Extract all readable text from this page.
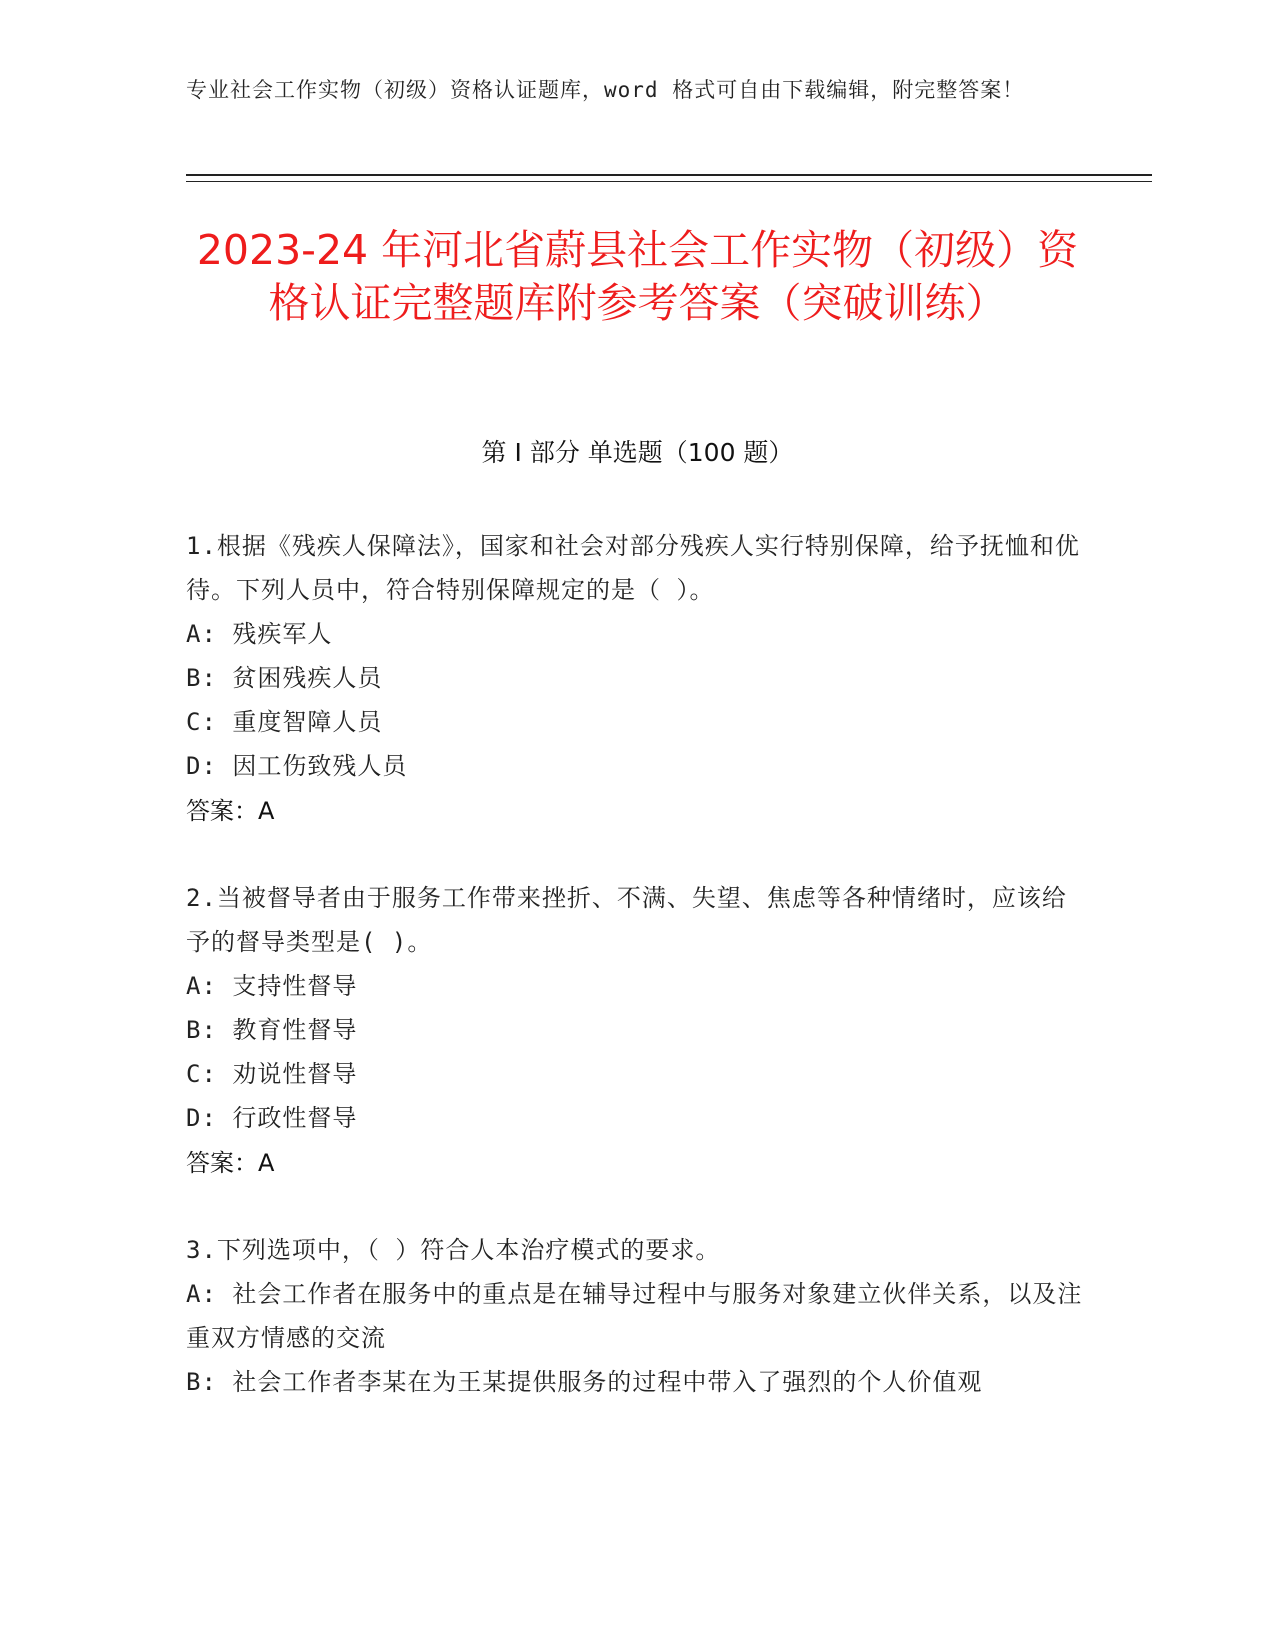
专业社会工作实物（初级）资格认证题库，word 格式可自由下载编辑，附完整答案！
2023-24 年河北省蔚县社会工作实物（初级）资格认证完整题库附参考答案（突破训练）
第 I 部分 单选题（100 题）
1.根据《残疾人保障法》，国家和社会对部分残疾人实行特别保障，给予抚恤和优待。下列人员中，符合特别保障规定的是（ ）。
A: 残疾军人
B: 贫困残疾人员
C: 重度智障人员
D: 因工伤致残人员
答案：A
2.当被督导者由于服务工作带来挫折、不满、失望、焦虑等各种情绪时，应该给予的督导类型是( )。
A: 支持性督导
B: 教育性督导
C: 劝说性督导
D: 行政性督导
答案：A
3.下列选项中，（ ）符合人本治疗模式的要求。
A: 社会工作者在服务中的重点是在辅导过程中与服务对象建立伙伴关系，以及注重双方情感的交流
B: 社会工作者李某在为王某提供服务的过程中带入了强烈的个人价值观
